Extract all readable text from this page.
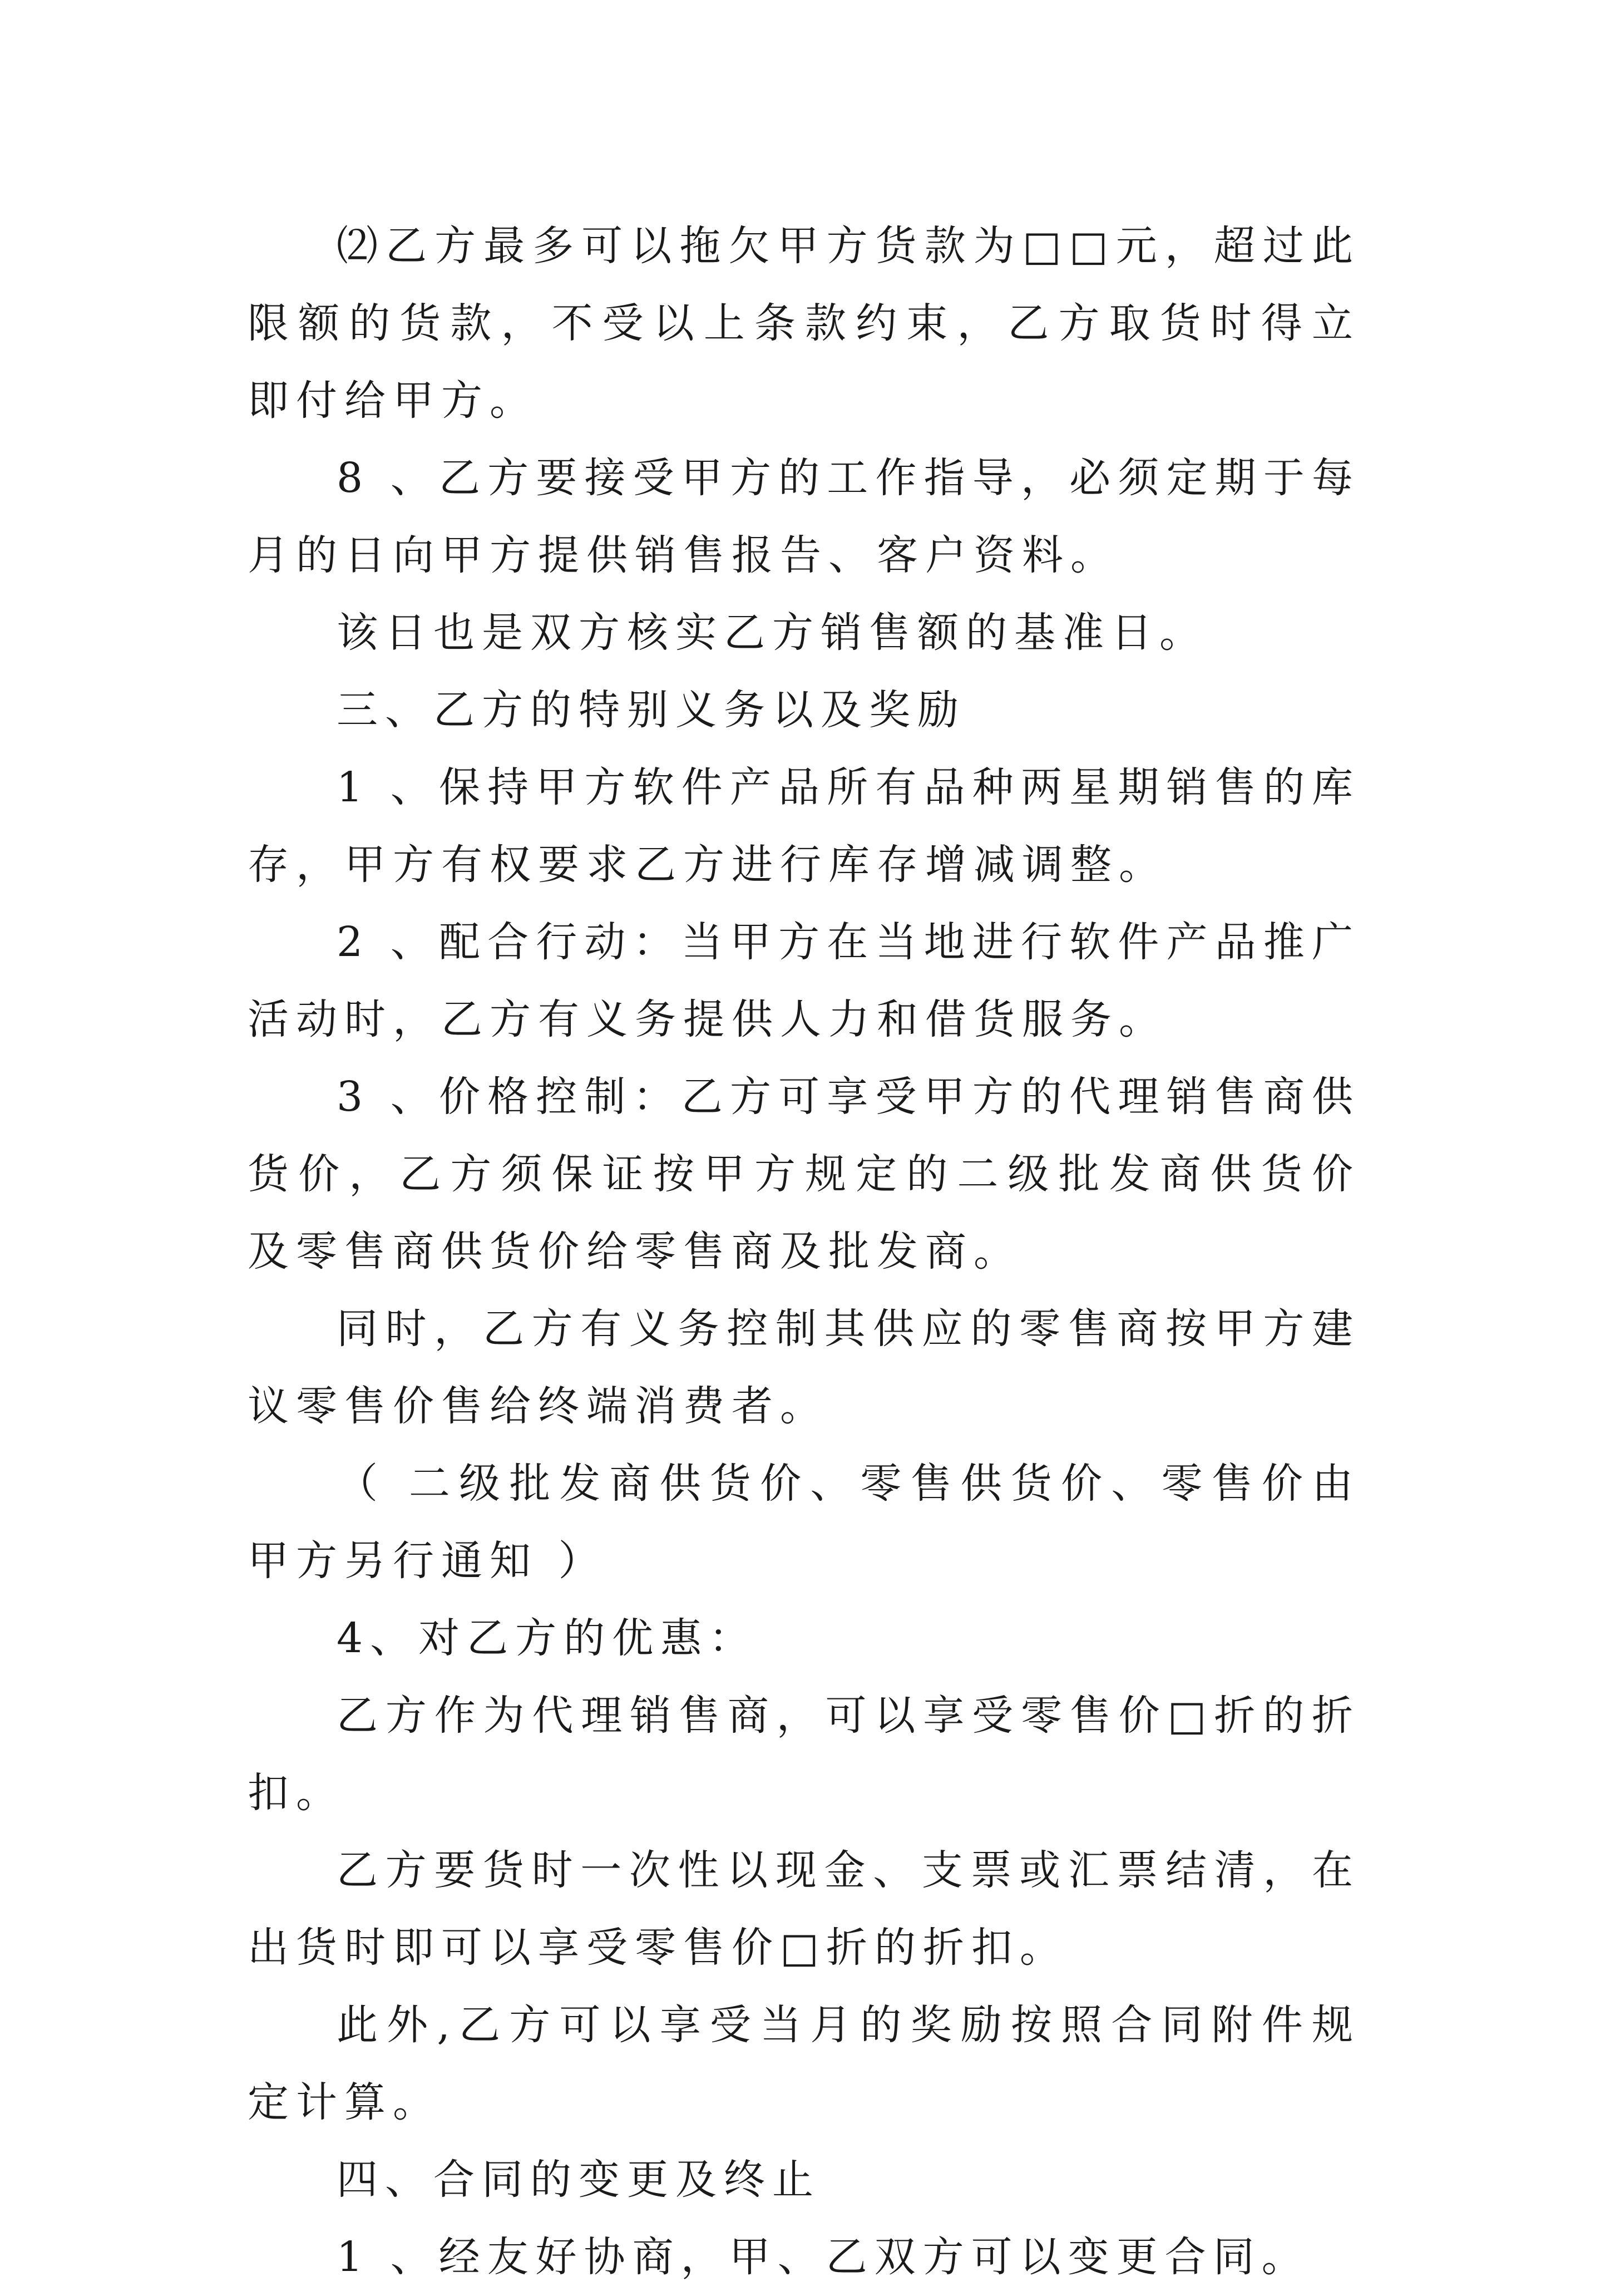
⑵乙方最多可以拖欠甲方货款为□□元，超过此限额的货款，不受以上条款约束，乙方取货时得立即付给甲方。

8 、乙方要接受甲方的工作指导，必须定期于每月的日向甲方提供销售报告、客户资料。

该日也是双方核实乙方销售额的基准日。

三、乙方的特别义务以及奖励

1 、保持甲方软件产品所有品种两星期销售的库存，甲方有权要求乙方进行库存增减调整。

2 、配合行动：当甲方在当地进行软件产品推广活动时，乙方有义务提供人力和借货服务。

3 、价格控制：乙方可享受甲方的代理销售商供货价，乙方须保证按甲方规定的二级批发商供货价及零售商供货价给零售商及批发商。

同时，乙方有义务控制其供应的零售商按甲方建议零售价售给终端消费者。

（ 二级批发商供货价、零售供货价、零售价由甲方另行通知 ）

4、对乙方的优惠：

乙方作为代理销售商，可以享受零售价□折的折扣。

乙方要货时一次性以现金、支票或汇票结清，在出货时即可以享受零售价□折的折扣。

此外,乙方可以享受当月的奖励按照合同附件规定计算。

四、合同的变更及终止

1 、经友好协商，甲、乙双方可以变更合同。
